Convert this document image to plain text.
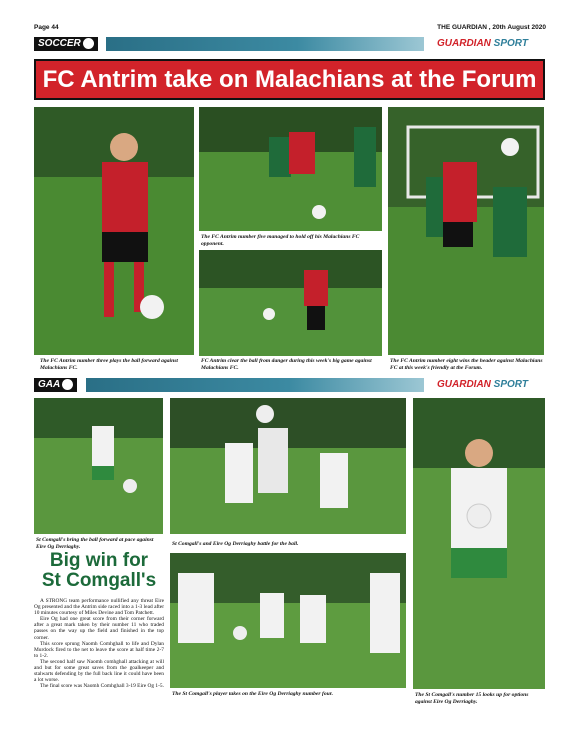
Page 44	THE GUARDIAN , 20th August 2020
SOCCER	GUARDIAN SPORT
FC Antrim take on Malachians at the Forum
The FC Antrim number three plays the ball forward against Malachians FC.
The FC Antrim number five managed to hold off his Malachians FC opponent.
FC Antrim clear the ball from danger during this week's big game against Malachians FC.
The FC Antrim number eight wins the header against Malachians FC at this week's friendly at the Forum.
GAA	GUARDIAN SPORT
St Comgall's bring the ball forward at pace against Eire Og Derriaghy.	St Comgall's and Eire Og Derriaghy battle for the ball.
The St Comgall's player takes on the Eire Og Derriaghy number four.	The St Comgall's number 15 looks up for options against Eire Og Derriaghy.
Big win for
St Comgall's

A STRONG team performance nullified any threat Eire Og presented and the Antrim side raced into a 1-3 lead after 10 minutes courtesy of Miles Devine and Tom Patchett.

Eire Og had one great score from their corner forward after a great mark taken by their number 11 who traded passes on the way up the field and finished in the top corner.

This score sprung Naomh Comhghall to life and Dylan Murdock fired to the net to leave the score at half time 2-7 to 1-2.

The second half saw Naomh comhghall attacking at will and but for some great saves from the goalkeeper and stalwarts defending by the full back line it could have been a lot worse.

The final score was Naomh Comhghall 3-19 Eire Og 1-5.
